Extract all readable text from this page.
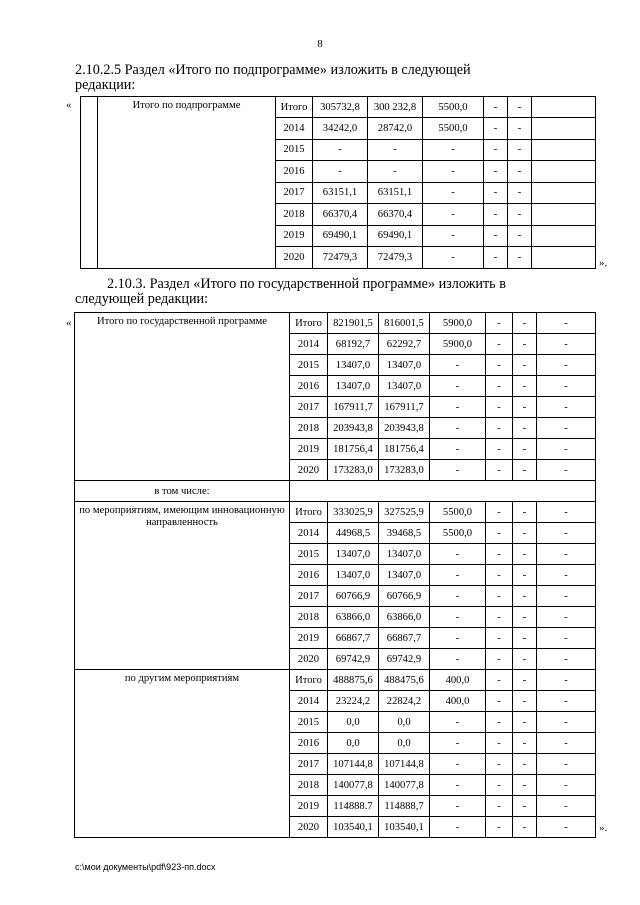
8
2.10.2.5 Раздел «Итого по подпрограмме» изложить в следующей
редакции:
«
		Итого по подпрограмме	Итого	305732,8	300 232,8	5500,0	-	-	
		2014	34242,0	28742,0	5500,0	-	-	
		2015	-	-	-	-	-	
		2016	-	-	-	-	-	
		2017	63151,1	63151,1	-	-	-	
		2018	66370,4	66370,4	-	-	-	
		2019	69490,1	69490,1	-	-	-	
		2020	72479,3	72479,3	-	-	-		».
2.10.3. Раздел «Итого по государственной программе» изложить в
следующей редакции:
« Итого по государственной программе	Итого	821901,5	816001,5	5900,0	-	-	-
	2014	68192,7	62292,7	5900,0	-	-	-
	2015	13407,0	13407,0	-	-	-	-
	2016	13407,0	13407,0	-	-	-	-
	2017	167911,7	167911,7	-	-	-	-
	2018	203943,8	203943,8	-	-	-	-
	2019	181756,4	181756,4	-	-	-	-
	2020	173283,0	173283,0	-	-	-	-
в том числе:							
по мероприятиям, имеющим инновационную направленность	Итого	333025,9	327525,9	5500,0	-	-	-
	2014	44968,5	39468,5	5500,0	-	-	-
	2015	13407,0	13407,0	-	-	-	-
	2016	13407,0	13407,0	-	-	-	-
	2017	60766,9	60766,9	-	-	-	-
	2018	63866,0	63866,0	-	-	-	-
	2019	66867,7	66867,7	-	-	-	-
	2020	69742,9	69742,9	-	-	-	-
по другим мероприятиям	Итого	488875,6	488475,6	400,0	-	-	-
	2014	23224,2	22824,2	400,0	-	-	-
	2015	0,0	0,0	-	-	-	-
	2016	0,0	0,0	-	-	-	-
	2017	107144,8	107144,8	-	-	-	-
	2018	140077,8	140077,8	-	-	-	-
	2019	114888.7	114888,7	-	-	-	-
	2020	103540,1	103540,1	-	-	-	-	».
c:\мои документы\pdf\923-пп.docx
